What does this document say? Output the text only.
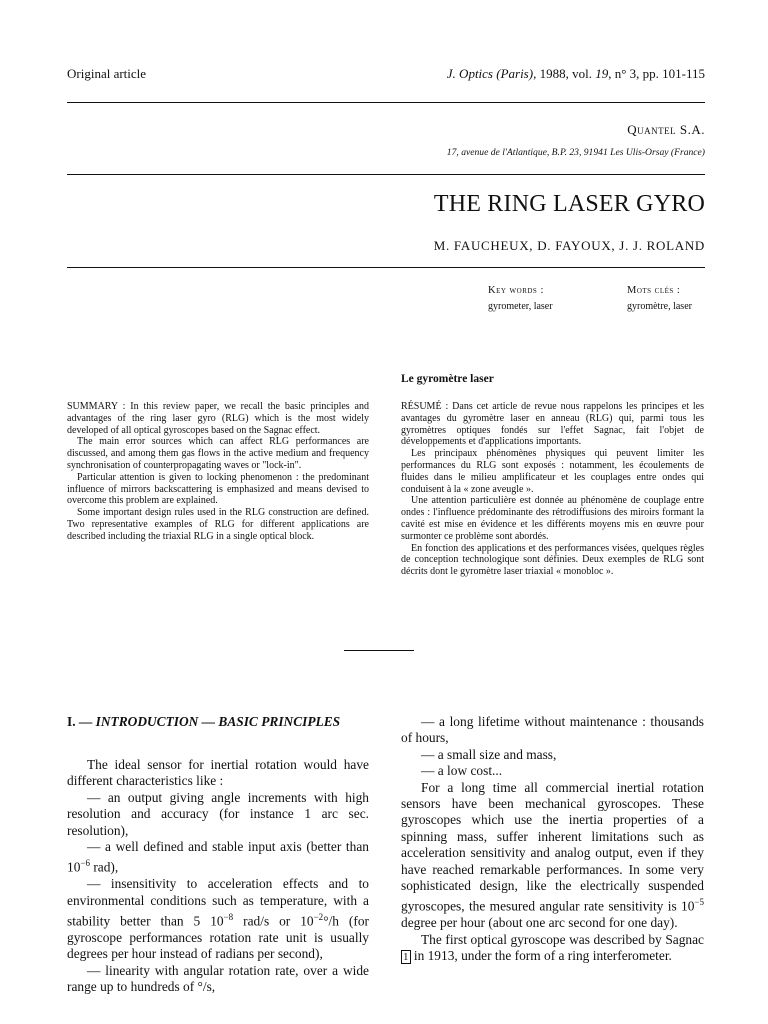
Original article	J. Optics (Paris), 1988, vol. 19, n° 3, pp. 101-115
Quantel S.A.
17, avenue de l'Atlantique, B.P. 23, 91941 Les Ulis-Orsay (France)
THE RING LASER GYRO
M. FAUCHEUX, D. FAYOUX, J. J. ROLAND
Key words :
gyrometer, laser
Mots clés :
gyromètre, laser

SUMMARY : In this review paper, we recall the basic principles and advantages of the ring laser gyro (RLG) which is the most widely developed of all optical gyroscopes based on the Sagnac effect.

The main error sources which can affect RLG performances are discussed, and among them gas flows in the active medium and frequency synchronisation of counterpropagating waves or "lock-in".

Particular attention is given to locking phenomenon : the predominant influence of mirrors backscattering is emphasized and means devised to overcome this problem are explained.

Some important design rules used in the RLG construction are defined. Two representative examples of RLG for different applications are described including the triaxial RLG in a single optical block.

Le gyromètre laser

RÉSUMÉ : Dans cet article de revue nous rappelons les principes et les avantages du gyromètre laser en anneau (RLG) qui, parmi tous les gyromètres optiques fondés sur l'effet Sagnac, fait l'objet de développements et d'applications importants.

Les principaux phénomènes physiques qui peuvent limiter les performances du RLG sont exposés : notamment, les écoulements de fluides dans le milieu amplificateur et les couplages entre ondes qui conduisent à la « zone aveugle ».

Une attention particulière est donnée au phénomène de couplage entre ondes : l'influence prédominante des rétrodiffusions des miroirs formant la cavité est mise en évidence et les différents moyens mis en œuvre pour surmonter ce problème sont abordés.

En fonction des applications et des performances visées, quelques règles de conception technologique sont définies. Deux exemples de RLG sont décrits dont le gyromètre laser triaxial « monobloc ».

I. — INTRODUCTION — BASIC PRINCIPLES

The ideal sensor for inertial rotation would have different characteristics like :

— an output giving angle increments with high resolution and accuracy (for instance 1 arc sec. resolution),

— a well defined and stable input axis (better than $10^{-6}$ rad),

— insensitivity to acceleration effects and to environmental conditions such as temperature, with a stability better than 5 $10^{-8}$ rad/s or $10^{-2}^\circ/h$ (for gyroscope performances rotation rate unit is usually degrees per hour instead of radians per second),

— linearity with angular rotation rate, over a wide range up to hundreds of °/s,

— a long lifetime without maintenance : thousands of hours,

— a small size and mass,

— a low cost...

For a long time all commercial inertial rotation sensors have been mechanical gyroscopes. These gyroscopes which use the inertia properties of a spinning mass, suffer inherent limitations such as acceleration sensitivity and analog output, even if they have reached remarkable performances. In some very sophisticated design, like the electrically suspended gyroscopes, the mesured angular rate sensitivity is $10^{-5}$ degree per hour (about one arc second for one day).

The first optical gyroscope was described by Sagnac 1 in 1913, under the form of a ring interferometer.
